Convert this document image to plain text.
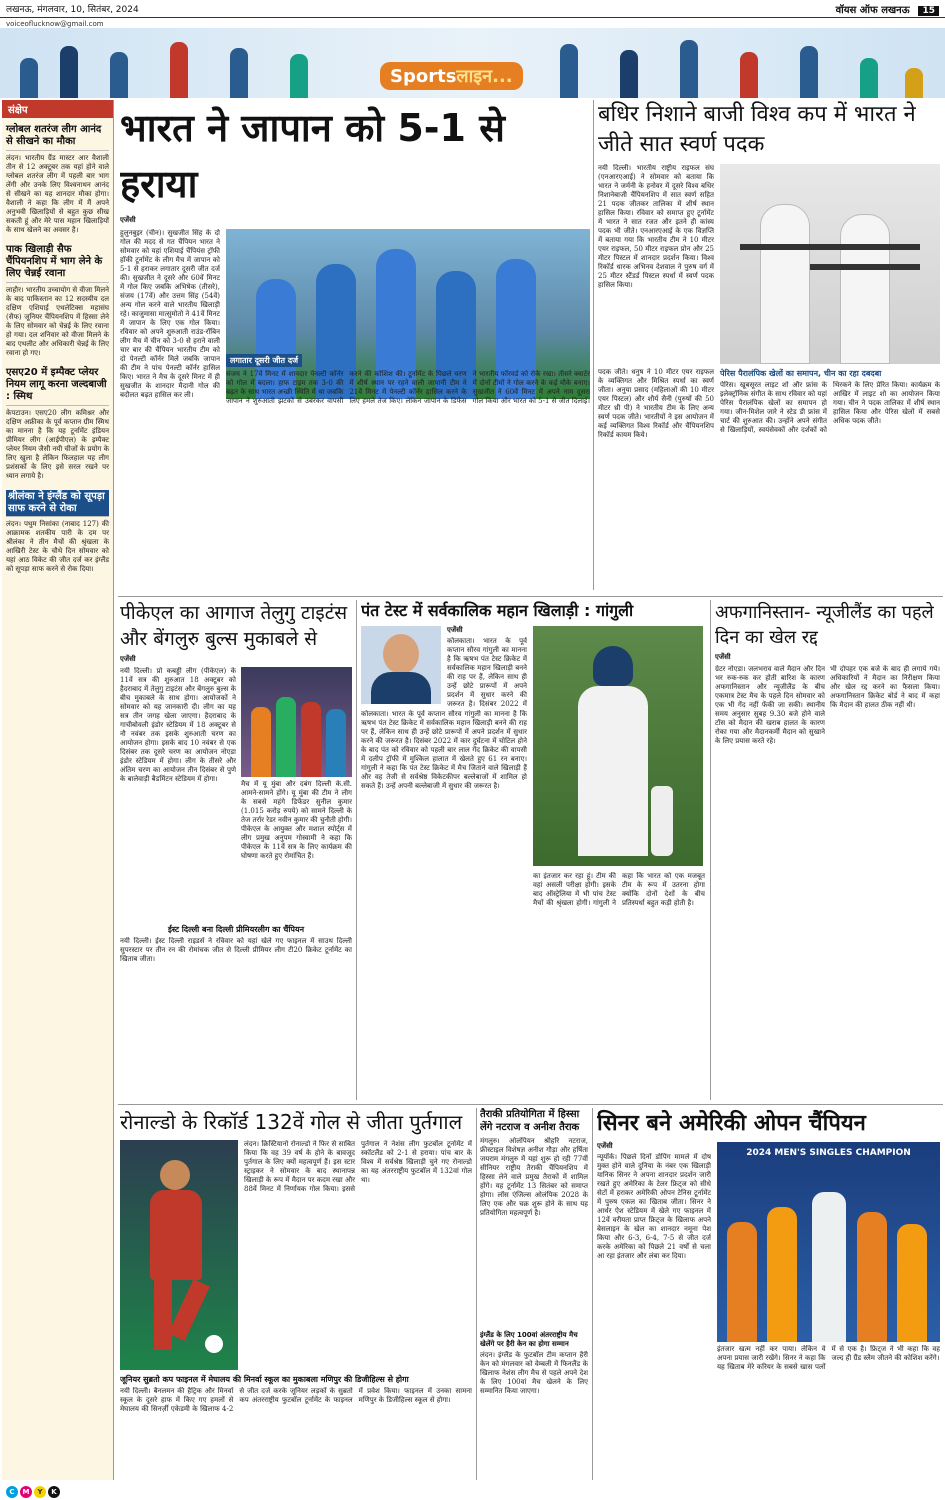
लखनऊ, मंगलवार, 10, सितंबर, 2024	वॉयस ऑफ लखनऊ 15
voiceoflucknow@gmail.com
Sportsलाइन...
संक्षेप
ग्लोबल शतरंज लीग आनंद से सीखने का मौका

लंदन। भारतीय ग्रैंड मास्टर आर वैशाली तीन से 12 अक्टूबर तक यहां होने वाले ग्लोबल शतरंज लीग में पहली बार भाग लेंगी और उनके लिए विश्वनाथन आनंद से सीखने का यह शानदार मौका होगा। वैशाली ने कहा कि लीग में मैं अपने अनुभवी खिलाड़ियों से बहुत कुछ सीख सकती हूं और मेरे पास महान खिलाड़ियों के साथ खेलने का अवसर है।

पाक खिलाड़ी सैफ चैंपियनशिप में भाग लेने के लिए चेन्नई रवाना

लाहौर। भारतीय उच्चायोग से वीजा मिलने के बाद पाकिस्तान का 12 सदस्यीय दल दक्षिण एशियाई एथलेटिक्स महासंघ (सैफ) जूनियर चैंपियनशिप में हिस्सा लेने के लिए सोमवार को चेन्नई के लिए रवाना हो गया। दल शनिवार को वीजा मिलने के बाद एथलीट और अधिकारी चेन्नई के लिए रवाना हो गए।

एसए20 में इम्पैक्ट प्लेयर नियम लागू करना जल्दबाजी : स्मिथ

केपटाउन। एसए20 लीग कमिश्नर और दक्षिण अफ्रीका के पूर्व कप्तान ग्रीम स्मिथ का मानना है कि यह टूर्नामेंट इंडियन प्रीमियर लीग (आईपीएल) के इम्पैक्ट प्लेयर नियम जैसी नयी चीजों के प्रयोग के लिए खुला है लेकिन फिलहाल यह लीग प्रशंसकों के लिए इसे सरल रखने पर ध्यान लगाये है।

श्रीलंका ने इंग्लैंड को सूपड़ा साफ करने से रोका

लंदन। पथुम निसांका (नाबाद 127) की आक्रामक शतकीय पारी के दम पर श्रीलंका ने तीन मैचों की श्रृंखला के आखिरी टेस्ट के चौथे दिन सोमवार को यहां आठ विकेट की जीत दर्ज कर इंग्लैंड को सूपड़ा साफ करने से रोक दिया।

भारत ने जापान को 5-1 से हराया
एजेंसी
हुलुनबुइर (चीन)। सुखजीत सिंह के दो गोल की मदद से गत चैंपियन भारत ने सोमवार को यहां एशियाई चैंपियंस ट्रॉफी हॉकी टूर्नामेंट के लीग मैच में जापान को 5-1 से हराकर लगातार दूसरी जीत दर्ज की। सुखजीत ने दूसरे और 60वें मिनट में गोल किए जबकि अभिषेक (तीसरे), संजय (17वें) और उत्तम सिंह (54वें) अन्य गोल करने वाले भारतीय खिलाड़ी रहे। काजुमासा मात्सुमोतो ने 41वें मिनट में जापान के लिए एक गोल किया। रविवार को अपने शुरुआती राउंड-रॉबिन लीग मैच में चीन को 3-0 से हराने वाली चार बार की चैंपियन भारतीय टीम को दो पेनल्टी कॉर्नर मिले जबकि जापान की टीम ने पांच पेनल्टी कॉर्नर हासिल किए। भारत ने मैच के दूसरे मिनट में ही सुखजीत के शानदार मैदानी गोल की बदौलत बढ़त हासिल कर ली।
लगातार दूसरी जीत दर्ज
संजय ने 17वें मिनट में शानदार पेनल्टी कॉर्नर को गोल में बदला। हाफ टाइम तक 3-0 की बढ़त के साथ भारत अच्छी स्थिति में था जबकि जापान ने शुरुआती झटकों से उबरकर वापसी करने की कोशिश की। टूर्नामेंट के पिछले चरण में शीर्ष स्थान पर रहने वाली जापानी टीम ने 21वें मिनट में पेनल्टी कॉर्नर हासिल करने के लिए हमले तेज किए। लेकिन जापान के डिफेंस ने भारतीय फॉरवर्ड को रोके रखा। तीसरे क्वार्टर में दोनों टीमों ने गोल करने के कई मौके बनाए। सुखजीत ने 60वें मिनट में अपने नाम दूसरा गोल किया और भारत को 5-1 से जीत दिलाई।
बधिर निशाने बाजी विश्व कप में भारत ने जीते सात स्वर्ण पदक
नयी दिल्ली। भारतीय राष्ट्रीय राइफल संघ (एनआरएआई) ने सोमवार को बताया कि भारत ने जर्मनी के हनोवर में दूसरे विश्व बधिर निशानेबाजी चैंपियनशिप में सात स्वर्ण सहित 21 पदक जीतकर तालिका में शीर्ष स्थान हासिल किया। रविवार को समाप्त हुए टूर्नामेंट में भारत ने सात रजत और इतने ही कांस्य पदक भी जीते। एनआरएआई के एक विज्ञप्ति में बताया गया कि भारतीय टीम ने 10 मीटर एयर राइफल, 50 मीटर राइफल प्रोन और 25 मीटर पिस्टल में शानदार प्रदर्शन किया। विश्व रिकॉर्ड धारक अभिनव देशवाल ने पुरुष वर्ग में 25 मीटर स्टैंडर्ड पिस्टल स्पर्धा में स्वर्ण पदक हासिल किया।
पदक जीते। धनुष ने 10 मीटर एयर राइफल के व्यक्तिगत और मिश्रित स्पर्धा का स्वर्ण जीता। अनुया प्रसाद (महिलाओं की 10 मीटर एयर पिस्टल) और शौर्य सैनी (पुरुषों की 50 मीटर थ्री पी) ने भारतीय टीम के लिए अन्य स्वर्ण पदक जीते। भारतीयों ने इस आयोजन में कई व्यक्तिगत विश्व रिकॉर्ड और चैंपियनशिप रिकॉर्ड कायम किये।
पेरिस पैरालंपिक खेलों का समापन, चीन का रहा दबदबा
पेरिस। खूबसूरत लाइट शो और फ्रांस के इलेक्ट्रॉनिक संगीत के साथ रविवार को यहां पेरिस पैरालंपिक खेलों का समापन हो गया। जीन-मिशेल जारे ने स्टेड डी फ्रांस में चार्ट की शुरुआत की। उन्होंने अपने संगीत से खिलाड़ियों, स्वयंसेवकों और दर्शकों को थिरकने के लिए प्रेरित किया। कार्यक्रम के आखिर में लाइट शो का आयोजन किया गया। चीन ने पदक तालिका में शीर्ष स्थान हासिल किया और पेरिस खेलों में सबसे अधिक पदक जीते।
पीकेएल का आगाज तेलुगु टाइटंस और बेंगलुरु बुल्स मुकाबले से
एजेंसी
नयी दिल्ली। प्रो कबड्डी लीग (पीकेएल) के 11वें सत्र की शुरुआत 18 अक्टूबर को हैदराबाद में तेलुगु टाइटंस और बेंगलुरु बुल्स के बीच मुकाबले के साथ होगा। आयोजकों ने सोमवार को यह जानकारी दी। लीग का यह सत्र तीन जगह खेला जाएगा। हैदराबाद के गाचीबोवली इंडोर स्टेडियम में 18 अक्टूबर से नौ नवंबर तक इसके शुरुआती चरण का आयोजन होगा। इसके बाद 10 नवंबर से एक दिसंबर तक दूसरे चरण का आयोजन नोएडा इंडोर स्टेडियम में होगा। लीग के तीसरे और अंतिम चरण का आयोजन तीन दिसंबर से पुणे के बालेवाड़ी बैडमिंटन स्टेडियम में होगा।
मैच में यू मुंबा और दबंग दिल्ली के.सी. आमने-सामने होंगे। यू मुंबा की टीम ने लीग के सबसे महंगे डिफेंडर सुनील कुमार (1.015 करोड़ रुपये) को सामने दिल्ली के तेज तर्रार रेडर नवीन कुमार की चुनौती होगी। पीकेएल के आयुक्त और मशाल स्पोर्ट्स में लीग प्रमुख अनुपम गोस्वामी ने कहा कि पीकेएल के 11वें सत्र के लिए कार्यक्रम की घोषणा करते हुए रोमांचित हैं।
ईस्ट दिल्ली बना दिल्ली प्रीमियरलीग का चैंपियन
नयी दिल्ली। ईस्ट दिल्ली राइडर्स ने रविवार को यहां खेले गए फाइनल में साउथ दिल्ली सुपरस्टार पर तीन रन की रोमांचक जीत से दिल्ली प्रीमियर लीग टी20 क्रिकेट टूर्नामेंट का खिताब जीता।
पंत टेस्ट में सर्वकालिक महान खिलाड़ी : गांगुली
एजेंसी
कोलकाता। भारत के पूर्व कप्तान सौरव गांगुली का मानना है कि ऋषभ पंत टेस्ट क्रिकेट में सर्वकालिक महान खिलाड़ी बनने की राह पर हैं, लेकिन साथ ही उन्हें छोटे प्रारूपों में अपने प्रदर्शन में सुधार करने की जरूरत है। दिसंबर 2022 में
कोलकाता। भारत के पूर्व कप्तान सौरव गांगुली का मानना है कि ऋषभ पंत टेस्ट क्रिकेट में सर्वकालिक महान खिलाड़ी बनने की राह पर हैं, लेकिन साथ ही उन्हें छोटे प्रारूपों में अपने प्रदर्शन में सुधार करने की जरूरत है। दिसंबर 2022 में कार दुर्घटना में चोटिल होने के बाद पंत को रविवार को पहली बार लाल गेंद क्रिकेट की वापसी में दलीप ट्रॉफी में मुश्किल हालात में खेलते हुए 61 रन बनाए। गांगुली ने कहा कि पंत टेस्ट क्रिकेट में मैच जिताने वाले खिलाड़ी हैं और वह तेजी से सर्वश्रेष्ठ विकेटकीपर बल्लेबाजों में शामिल हो सकते हैं। उन्हें अपनी बल्लेबाजी में सुधार की जरूरत है।
का इंतजार कर रहा हूं। टीम की वहां असली परीक्षा होगी। इसके बाद ऑस्ट्रेलिया में भी पांच टेस्ट मैचों की श्रृंखला होगी। गांगुली ने कहा कि भारत को एक मजबूत टीम के रूप में उतरना होगा क्योंकि दोनों देशों के बीच प्रतिस्पर्धा बहुत कड़ी होती है।
अफगानिस्तान- न्यूजीलैंड का पहले दिन का खेल रद्द
एजेंसी
ग्रेटर नोएडा। जलभराव वाले मैदान और दिन भर रुक-रुक कर होती बारिश के कारण अफगानिस्तान और न्यूजीलैंड के बीच एकमात्र टेस्ट मैच के पहले दिन सोमवार को एक भी गेंद नहीं फेंकी जा सकी। स्थानीय समय अनुसार सुबह 9.30 बजे होने वाले टॉस को मैदान की खराब हालत के कारण रोका गया और मैदानकर्मी मैदान को सुखाने के लिए प्रयास करते रहे।
भी दोपहर एक बजे के बाद ही लगाये गये। अधिकारियों ने मैदान का निरीक्षण किया और खेल रद्द करने का फैसला किया। अफगानिस्तान क्रिकेट बोर्ड ने बाद में कहा कि मैदान की हालत ठीक नहीं थी।
रोनाल्डो के रिकॉर्ड 132वें गोल से जीता पुर्तगाल
लंदन। क्रिस्टियानो रोनाल्डो ने फिर से साबित किया कि वह 39 वर्ष के होने के बावजूद पुर्तगाल के लिए क्यों महत्वपूर्ण हैं। इस स्टार स्ट्राइकर ने सोमवार के बाद स्थानापन्न खिलाड़ी के रूप में मैदान पर कदम रखा और 88वें मिनट में निर्णायक गोल किया। इससे पुर्तगाल ने नेशंस लीग फुटबॉल टूर्नामेंट में स्कॉटलैंड को 2-1 से हराया। पांच बार के विश्व में सर्वश्रेष्ठ खिलाड़ी चुने गए रोनाल्डो का यह अंतरराष्ट्रीय फुटबॉल में 132वां गोल था।
जूनियर सुब्रतो कप फाइनल में मेघालय की मिनर्वा स्कूल का मुकाबला मणिपुर की डिजीहिल्स से होगा
नयी दिल्ली। बैनलमन की हैट्रिक और मिनर्वा स्कूल के दूसरे हाफ में किए गए हमलों से मेघालय की सिनर्ज़ी एकेडमी के खिलाफ 4-2 से जीत दर्ज करके जूनियर लड़कों के सुब्रतो कप अंतरराष्ट्रीय फुटबॉल टूर्नामेंट के फाइनल में प्रवेश किया। फाइनल में उनका सामना मणिपुर के डिजीहिल्स स्कूल से होगा।
तैराकी प्रतियोगिता में हिस्सा लेंगे नटराज व अनीश तैराक
मंगलुरु। ओलंपियन श्रीहरि नटराज, फ्रीस्टाइल विशेषज्ञ अनीश गौड़ा और हर्षिता जयराम मंगलुरु में यहां शुरू हो रही 77वीं सीनियर राष्ट्रीय तैराकी चैंपियनशिप में हिस्सा लेने वाले प्रमुख तैराकों में शामिल होंगे। यह टूर्नामेंट 13 सितंबर को समाप्त होगा। लॉस एंजिल्स ओलंपिक 2028 के लिए एक और चक्र शुरू होने के साथ यह प्रतियोगिता महत्वपूर्ण है।
इंग्लैंड के लिए 100वां अंतरराष्ट्रीय मैच खेलेंगे पर हैरी केन का होगा सम्मान
लंदन। इंग्लैंड के फुटबॉल टीम कप्तान हैरी केन को मंगलवार को वेम्बली में फिनलैंड के खिलाफ नेशंस लीग मैच से पहले अपने देश के लिए 100वां मैच खेलने के लिए सम्मानित किया जाएगा।
सिनर बने अमेरिकी ओपन चैंपियन
एजेंसी
न्यूयॉर्क। पिछले दिनों डोपिंग मामले में दोष मुक्त होने वाले दुनिया के नंबर एक खिलाड़ी यानिक सिनर ने अपना शानदार प्रदर्शन जारी रखते हुए अमेरिका के टेलर फ्रिट्ज को सीधे सेटों में हराकर अमेरिकी ओपन टेनिस टूर्नामेंट में पुरुष एकल का खिताब जीता। सिनर ने आर्थर ऐश स्टेडियम में खेले गए फाइनल में 12वें वरीयता प्राप्त फ्रिट्ज के खिलाफ अपने बेसलाइन के खेल का शानदार नमूना पेश किया और 6-3, 6-4, 7-5 से जीत दर्ज करके अमेरिका को पिछले 21 वर्षों से चला आ रहा इंतजार और लंबा कर दिया।
2024 MEN'S SINGLES CHAMPION
इंतजार खत्म नहीं कर पाया। लेकिन वे अपना प्रयास जारी रखेंगे। सिनर ने कहा कि यह खिताब मेरे करियर के सबसे खास पलों में से एक है। फ्रिट्ज ने भी कहा कि वह जल्द ही ग्रैंड स्लैम जीतने की कोशिश करेंगे।
C	M	Y	K
